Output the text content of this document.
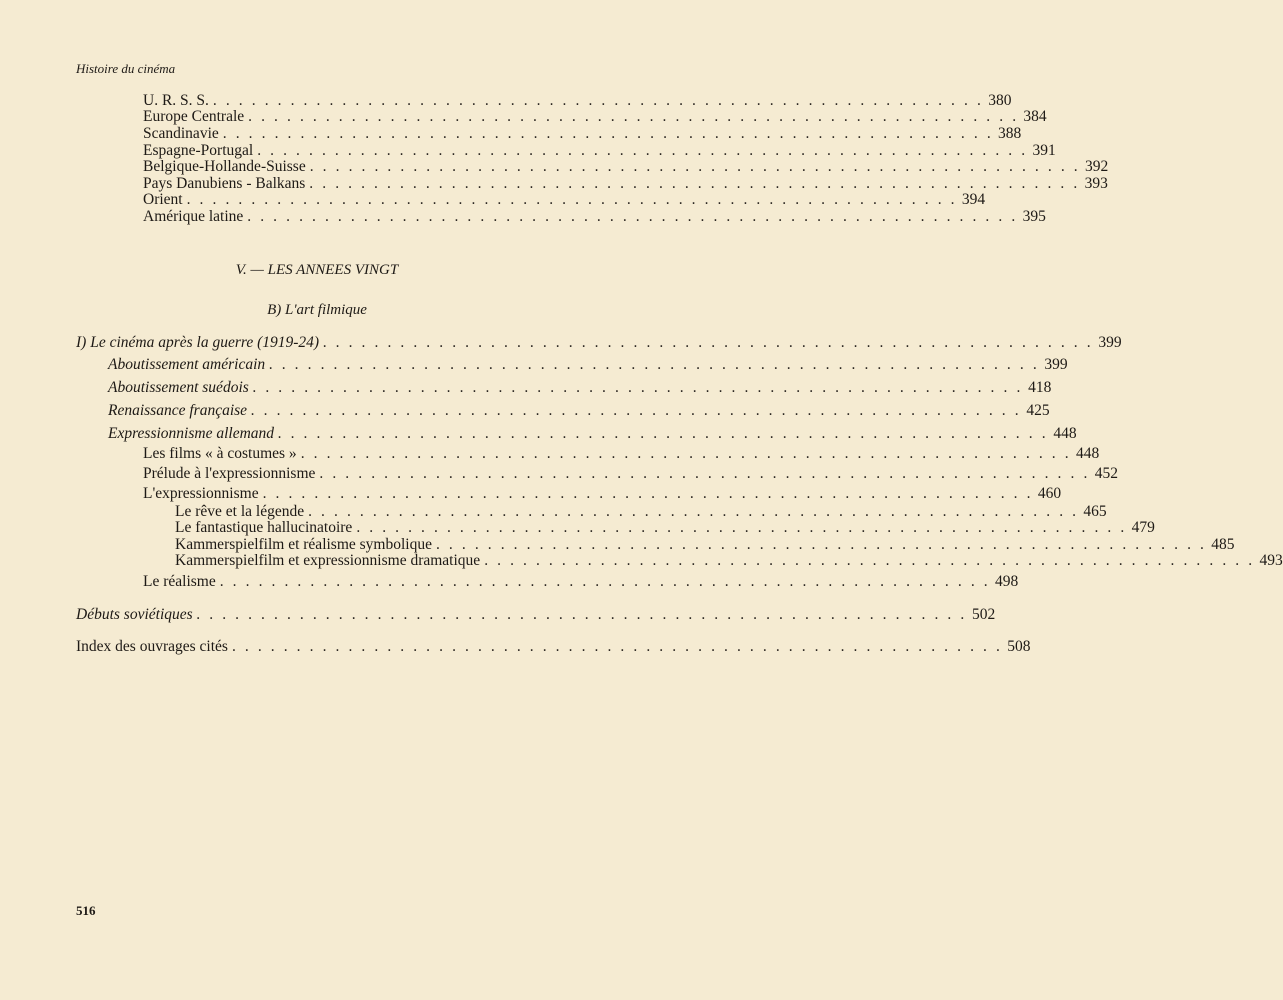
Histoire du cinéma
U. R. S. S. . . . . . . . . . . . . . . . . . . . . . . . . . . . . . . . . . . . . . . . . . . . . . . . . . . . . . . . . . . . . 380
Europe Centrale . . . . . . . . . . . . . . . . . . . . . . . . . . . . . . . . . . . . . . . . . . . . . . . . . . . . . . . . . . . . 384
Scandinavie . . . . . . . . . . . . . . . . . . . . . . . . . . . . . . . . . . . . . . . . . . . . . . . . . . . . . . . . . . . . 388
Espagne-Portugal . . . . . . . . . . . . . . . . . . . . . . . . . . . . . . . . . . . . . . . . . . . . . . . . . . . . . . . . . . . . 391
Belgique-Hollande-Suisse . . . . . . . . . . . . . . . . . . . . . . . . . . . . . . . . . . . . . . . . . . . . . . . . . . . . . . . . . . . . 392
Pays Danubiens - Balkans . . . . . . . . . . . . . . . . . . . . . . . . . . . . . . . . . . . . . . . . . . . . . . . . . . . . . . . . . . . . 393
Orient . . . . . . . . . . . . . . . . . . . . . . . . . . . . . . . . . . . . . . . . . . . . . . . . . . . . . . . . . . . . 394
Amérique latine . . . . . . . . . . . . . . . . . . . . . . . . . . . . . . . . . . . . . . . . . . . . . . . . . . . . . . . . . . . . 395
V. — LES ANNEES VINGT
B) L'art filmique
I) Le cinéma après la guerre (1919-24) . . . . . . . . . . . . . . . . . . . . . . . . . . . . . . . . . . . . . . . . . . . . . . . . . . . . . . . . . . . . 399
Aboutissement américain . . . . . . . . . . . . . . . . . . . . . . . . . . . . . . . . . . . . . . . . . . . . . . . . . . . . . . . . . . . . 399
Aboutissement suédois . . . . . . . . . . . . . . . . . . . . . . . . . . . . . . . . . . . . . . . . . . . . . . . . . . . . . . . . . . . . 418
Renaissance française . . . . . . . . . . . . . . . . . . . . . . . . . . . . . . . . . . . . . . . . . . . . . . . . . . . . . . . . . . . . 425
Expressionnisme allemand . . . . . . . . . . . . . . . . . . . . . . . . . . . . . . . . . . . . . . . . . . . . . . . . . . . . . . . . . . . . 448
Les films « à costumes » . . . . . . . . . . . . . . . . . . . . . . . . . . . . . . . . . . . . . . . . . . . . . . . . . . . . . . . . . . . . 448
Prélude à l'expressionnisme . . . . . . . . . . . . . . . . . . . . . . . . . . . . . . . . . . . . . . . . . . . . . . . . . . . . . . . . . . . . 452
L'expressionnisme . . . . . . . . . . . . . . . . . . . . . . . . . . . . . . . . . . . . . . . . . . . . . . . . . . . . . . . . . . . . 460
Le rêve et la légende . . . . . . . . . . . . . . . . . . . . . . . . . . . . . . . . . . . . . . . . . . . . . . . . . . . . . . . . . . . . 465
Le fantastique hallucinatoire . . . . . . . . . . . . . . . . . . . . . . . . . . . . . . . . . . . . . . . . . . . . . . . . . . . . . . . . . . . . 479
Kammerspielfilm et réalisme symbolique . . . . . . . . . . . . . . . . . . . . . . . . . . . . . . . . . . . . . . . . . . . . . . . . . . . . . . . . . . . . 485
Kammerspielfilm et expressionnisme dramatique . . . . . . . . . . . . . . . . . . . . . . . . . . . . . . . . . . . . . . . . . . . . . . . . . . . . . . . . . . . . 493
Le réalisme . . . . . . . . . . . . . . . . . . . . . . . . . . . . . . . . . . . . . . . . . . . . . . . . . . . . . . . . . . . . 498
Débuts soviétiques . . . . . . . . . . . . . . . . . . . . . . . . . . . . . . . . . . . . . . . . . . . . . . . . . . . . . . . . . . . . 502
Index des ouvrages cités . . . . . . . . . . . . . . . . . . . . . . . . . . . . . . . . . . . . . . . . . . . . . . . . . . . . . . . . . . . . 508
516
